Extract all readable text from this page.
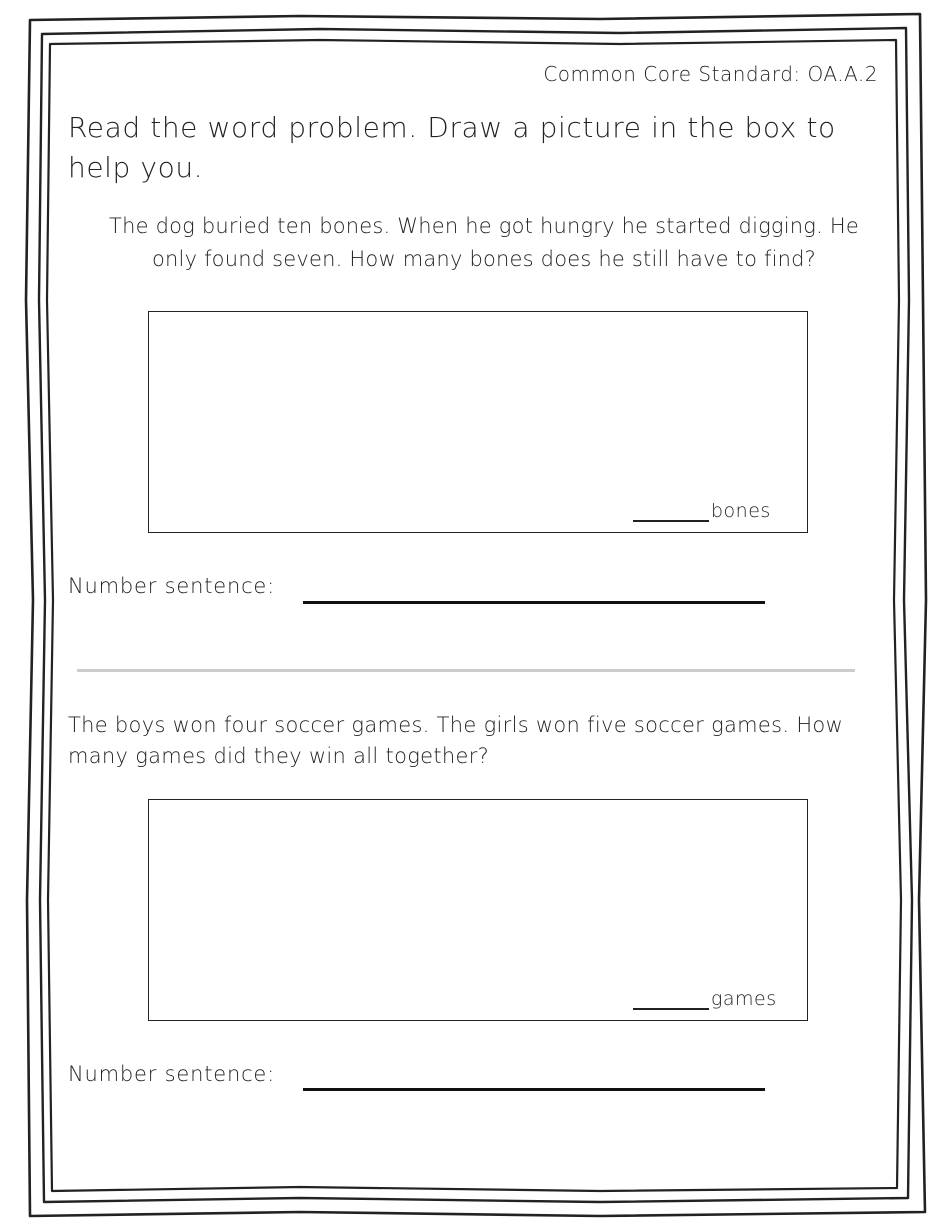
Common Core Standard: OA.A.2
Read the word problem. Draw a picture in the box to help you.
The dog buried ten bones. When he got hungry he started digging. He only found seven. How many bones does he still have to find?
bones
Number sentence:
The boys won four soccer games. The girls won five soccer games. How many games did they win all together?
games
Number sentence:
